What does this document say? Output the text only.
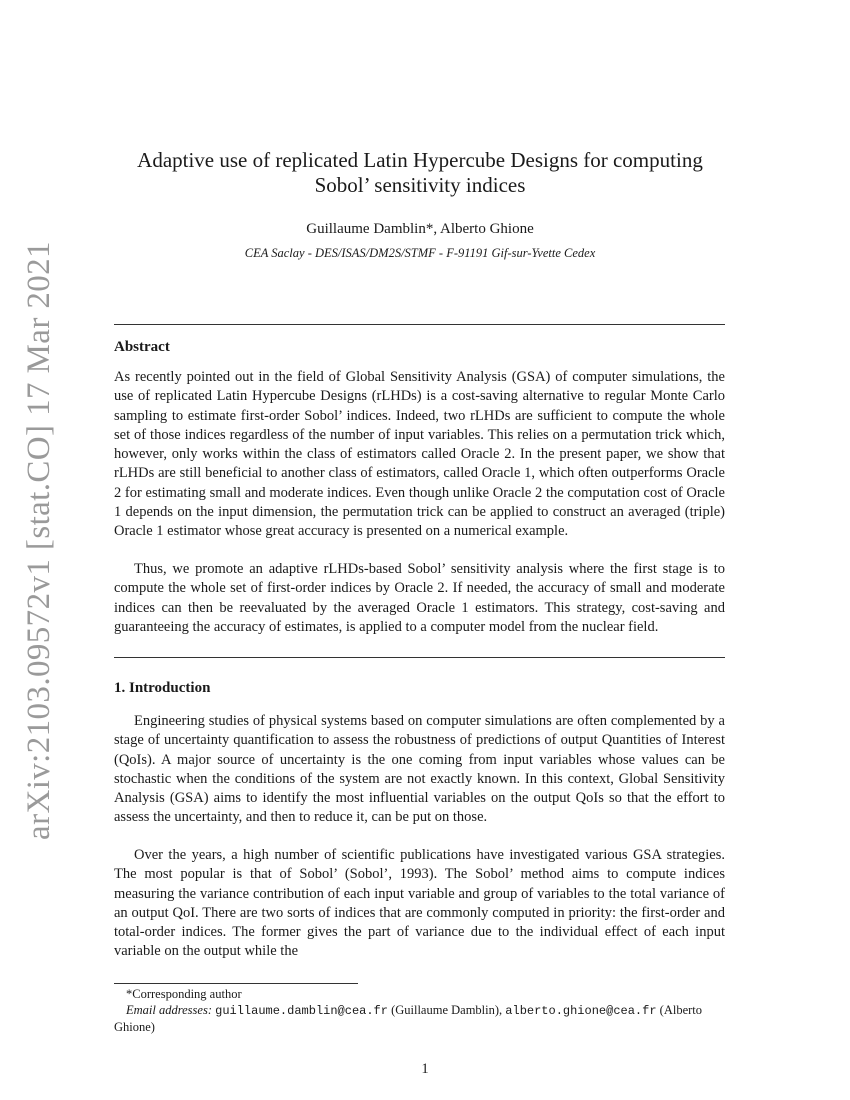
arXiv:2103.09572v1 [stat.CO] 17 Mar 2021
Adaptive use of replicated Latin Hypercube Designs for computing
Sobol’ sensitivity indices
Guillaume Damblin*, Alberto Ghione
CEA Saclay - DES/ISAS/DM2S/STMF - F-91191 Gif-sur-Yvette Cedex
Abstract

As recently pointed out in the field of Global Sensitivity Analysis (GSA) of computer simulations, the use of replicated Latin Hypercube Designs (rLHDs) is a cost-saving alternative to regular Monte Carlo sampling to estimate first-order Sobol’ indices. Indeed, two rLHDs are sufficient to compute the whole set of those indices regardless of the number of input variables. This relies on a permutation trick which, however, only works within the class of estimators called Oracle 2. In the present paper, we show that rLHDs are still beneficial to another class of estimators, called Oracle 1, which often outperforms Oracle 2 for estimating small and moderate indices. Even though unlike Oracle 2 the computation cost of Oracle 1 depends on the input dimension, the permutation trick can be applied to construct an averaged (triple) Oracle 1 estimator whose great accuracy is presented on a numerical example.

Thus, we promote an adaptive rLHDs-based Sobol’ sensitivity analysis where the first stage is to compute the whole set of first-order indices by Oracle 2. If needed, the accuracy of small and moderate indices can then be reevaluated by the averaged Oracle 1 estimators. This strategy, cost-saving and guaranteeing the accuracy of estimates, is applied to a computer model from the nuclear field.

1. Introduction

Engineering studies of physical systems based on computer simulations are often complemented by a stage of uncertainty quantification to assess the robustness of predictions of output Quantities of Interest (QoIs). A major source of uncertainty is the one coming from input variables whose values can be stochastic when the conditions of the system are not exactly known. In this context, Global Sensitivity Analysis (GSA) aims to identify the most influential variables on the output QoIs so that the effort to assess the uncertainty, and then to reduce it, can be put on those.

Over the years, a high number of scientific publications have investigated various GSA strategies. The most popular is that of Sobol’ (Sobol’, 1993). The Sobol’ method aims to compute indices measuring the variance contribution of each input variable and group of variables to the total variance of an output QoI. There are two sorts of indices that are commonly computed in priority: the first-order and total-order indices. The former gives the part of variance due to the individual effect of each input variable on the output while the

*Corresponding author

Email addresses: guillaume.damblin@cea.fr (Guillaume Damblin), alberto.ghione@cea.fr (Alberto Ghione)

1
